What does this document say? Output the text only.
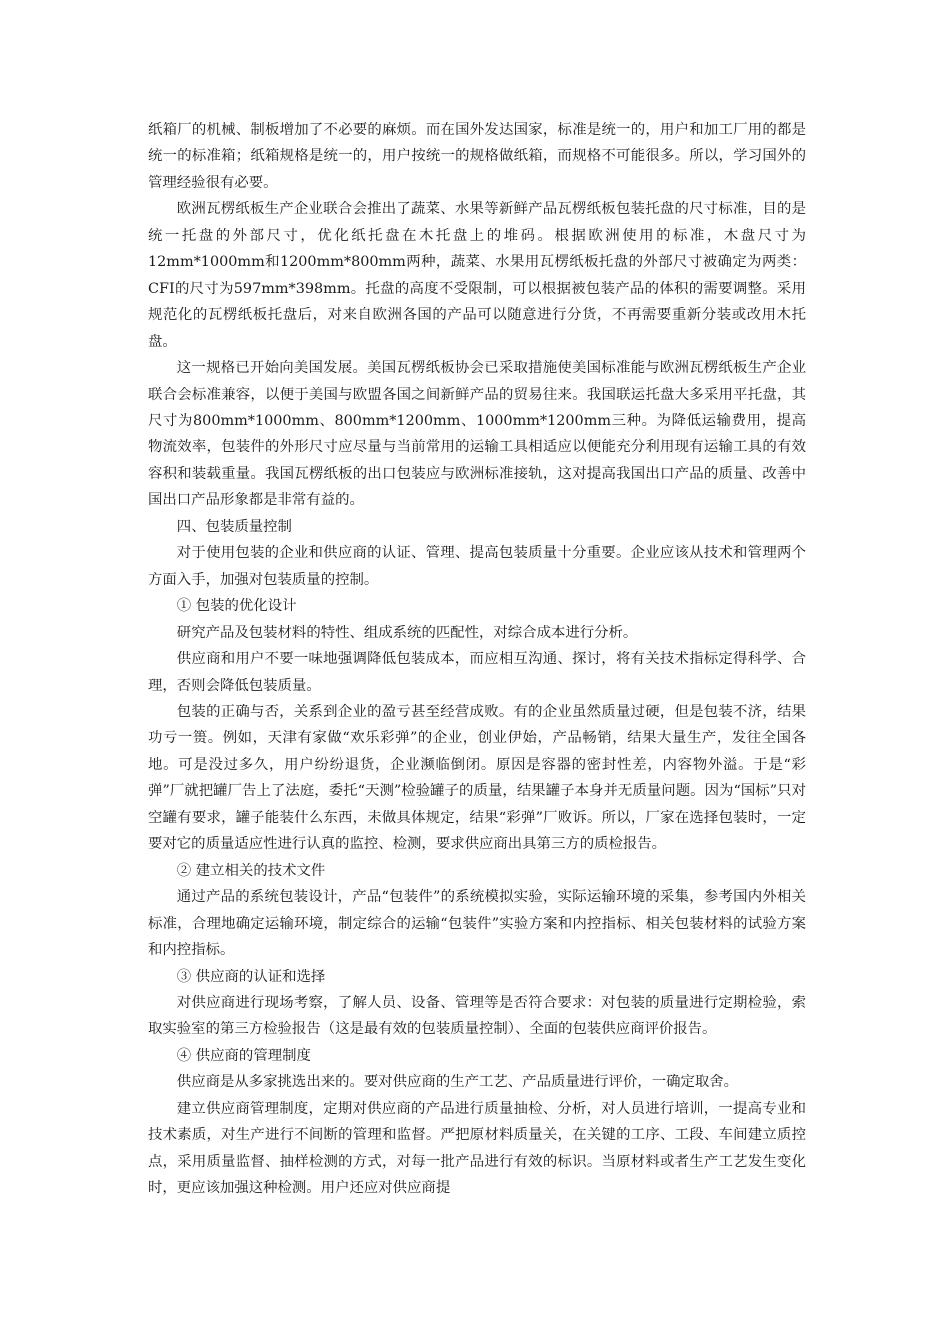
纸箱厂的机械、制板增加了不必要的麻烦。而在国外发达国家，标准是统一的，用户和加工厂用的都是统一的标准箱；纸箱规格是统一的，用户按统一的规格做纸箱，而规格不可能很多。所以，学习国外的管理经验很有必要。

欧洲瓦楞纸板生产企业联合会推出了蔬菜、水果等新鲜产品瓦楞纸板包装托盘的尺寸标准，目的是统一托盘的外部尺寸，优化纸托盘在木托盘上的堆码。根据欧洲使用的标准，木盘尺寸为12mm*1000mm和1200mm*800mm两种，蔬菜、水果用瓦楞纸板托盘的外部尺寸被确定为两类：CFI的尺寸为597mm*398mm。托盘的高度不受限制，可以根据被包装产品的体积的需要调整。采用规范化的瓦楞纸板托盘后，对来自欧洲各国的产品可以随意进行分货，不再需要重新分装或改用木托盘。

这一规格已开始向美国发展。美国瓦楞纸板协会已采取措施使美国标准能与欧洲瓦楞纸板生产企业联合会标准兼容，以便于美国与欧盟各国之间新鲜产品的贸易往来。我国联运托盘大多采用平托盘，其尺寸为800mm*1000mm、800mm*1200mm、1000mm*1200mm三种。为降低运输费用，提高物流效率，包装件的外形尺寸应尽量与当前常用的运输工具相适应以便能充分利用现有运输工具的有效容积和装载重量。我国瓦楞纸板的出口包装应与欧洲标准接轨，这对提高我国出口产品的质量、改善中国出口产品形象都是非常有益的。

四、包装质量控制

对于使用包装的企业和供应商的认证、管理、提高包装质量十分重要。企业应该从技术和管理两个方面入手，加强对包装质量的控制。

① 包装的优化设计

研究产品及包装材料的特性、组成系统的匹配性，对综合成本进行分析。

供应商和用户不要一味地强调降低包装成本，而应相互沟通、探讨，将有关技术指标定得科学、合理，否则会降低包装质量。

包装的正确与否，关系到企业的盈亏甚至经营成败。有的企业虽然质量过硬，但是包装不济，结果功亏一篑。例如，天津有家做“欢乐彩弹”的企业，创业伊始，产品畅销，结果大量生产，发往全国各地。可是没过多久，用户纷纷退货，企业濒临倒闭。原因是容器的密封性差，内容物外溢。于是“彩弹”厂就把罐厂告上了法庭，委托“天测”检验罐子的质量，结果罐子本身并无质量问题。因为“国标”只对空罐有要求，罐子能装什么东西，未做具体规定，结果“彩弹”厂败诉。所以，厂家在选择包装时，一定要对它的质量适应性进行认真的监控、检测，要求供应商出具第三方的质检报告。

② 建立相关的技术文件

通过产品的系统包装设计，产品“包装件”的系统模拟实验，实际运输环境的采集，参考国内外相关标准，合理地确定运输环境，制定综合的运输“包装件”实验方案和内控指标、相关包装材料的试验方案和内控指标。

③ 供应商的认证和选择

对供应商进行现场考察，了解人员、设备、管理等是否符合要求：对包装的质量进行定期检验，索取实验室的第三方检验报告（这是最有效的包装质量控制）、全面的包装供应商评价报告。

④ 供应商的管理制度

供应商是从多家挑选出来的。要对供应商的生产工艺、产品质量进行评价，一确定取舍。

建立供应商管理制度，定期对供应商的产品进行质量抽检、分析，对人员进行培训，一提高专业和技术素质，对生产进行不间断的管理和监督。严把原材料质量关，在关键的工序、工段、车间建立质控点，采用质量监督、抽样检测的方式，对每一批产品进行有效的标识。当原材料或者生产工艺发生变化时，更应该加强这种检测。用户还应对供应商提
